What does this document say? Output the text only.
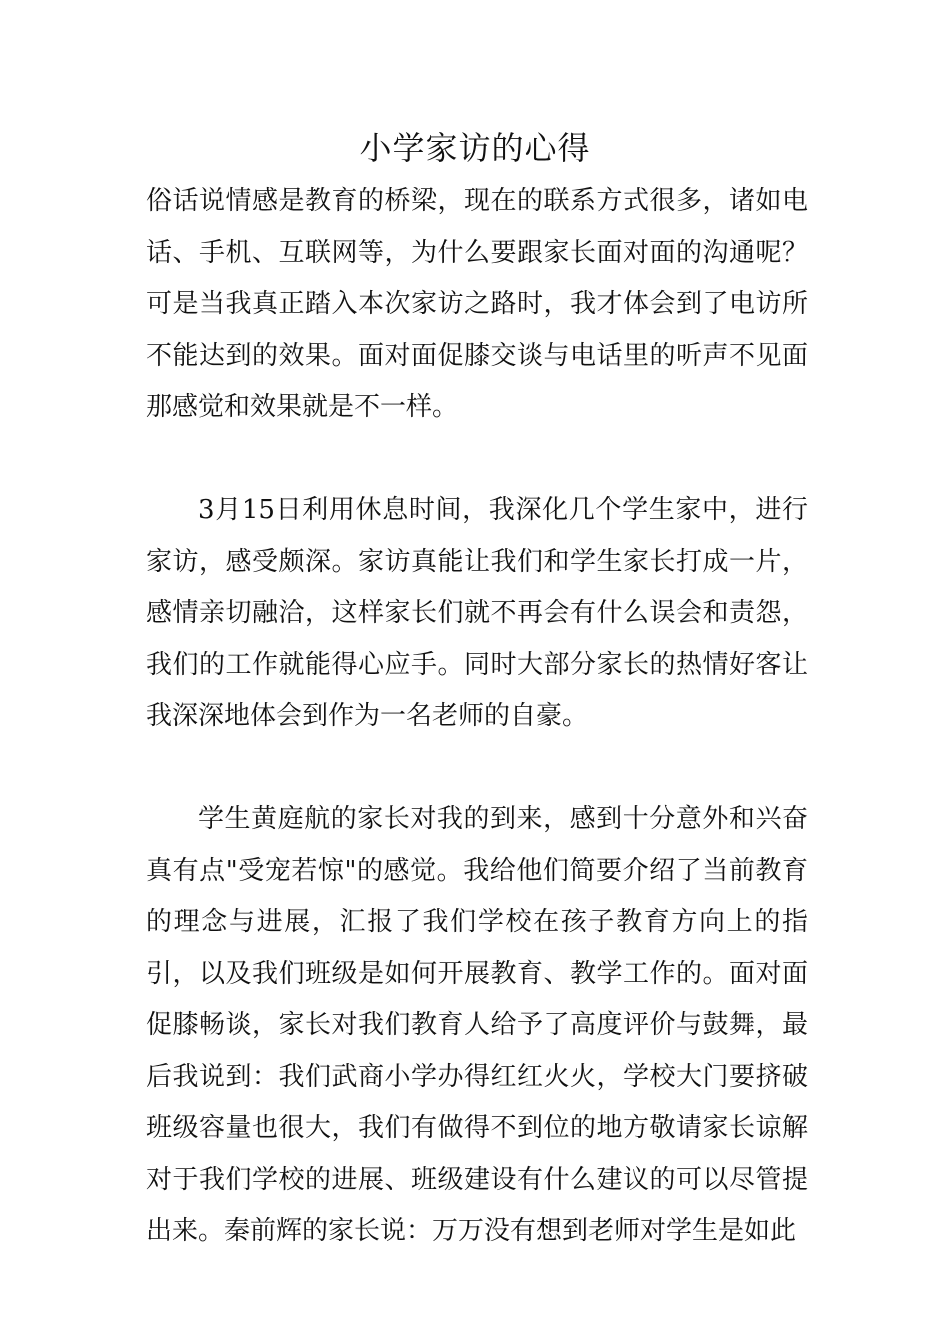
小学家访的心得

俗话说情感是教育的桥梁，现在的联系方式很多，诸如电话、手机、互联网等，为什么要跟家长面对面的沟通呢？可是当我真正踏入本次家访之路时，我才体会到了电访所不能达到的效果。面对面促膝交谈与电话里的听声不见面那感觉和效果就是不一样。

3月15日利用休息时间，我深化几个学生家中，进行家访，感受颇深。家访真能让我们和学生家长打成一片，感情亲切融洽，这样家长们就不再会有什么误会和责怨，我们的工作就能得心应手。同时大部分家长的热情好客让我深深地体会到作为一名老师的自豪。

学生黄庭航的家长对我的到来，感到十分意外和兴奋真有点"受宠若惊"的感觉。我给他们简要介绍了当前教育的理念与进展，汇报了我们学校在孩子教育方向上的指引，以及我们班级是如何开展教育、教学工作的。面对面促膝畅谈，家长对我们教育人给予了高度评价与鼓舞，最后我说到：我们武商小学办得红红火火，学校大门要挤破班级容量也很大，我们有做得不到位的地方敬请家长谅解对于我们学校的进展、班级建设有什么建议的可以尽管提出来。秦前辉的家长说：万万没有想到老师对学生是如此
